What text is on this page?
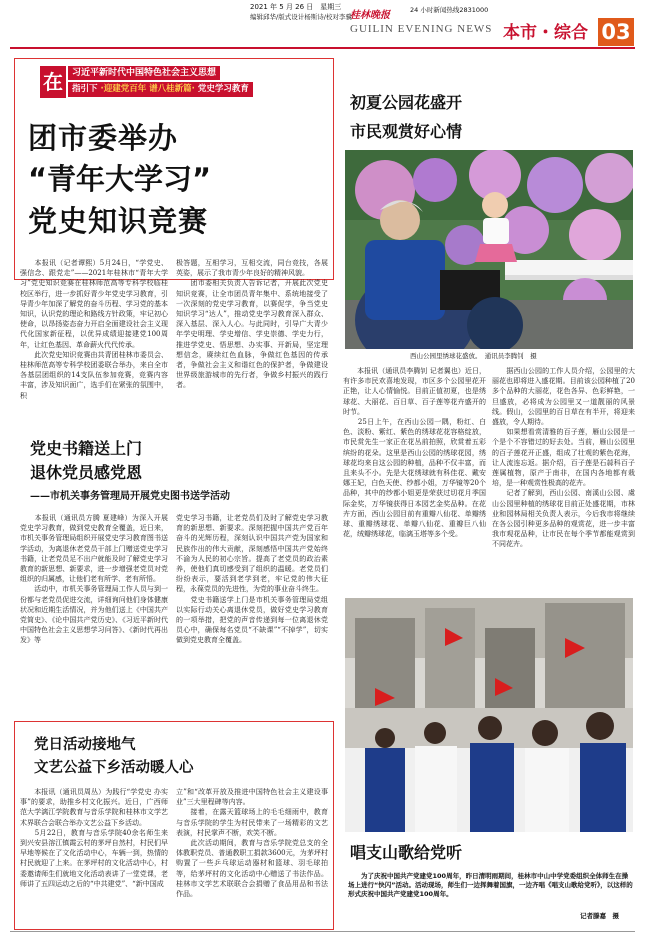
2021 年 5 月 26 日　星期三
编辑邱华/版式设计杨斯诗/校对李骥
桂林晚报
GUILIN EVENING NEWS
24 小时新闻热线2831000
本市・综合 03
在	习近平新时代中国特色社会主义思想
指引下 ·迎建党百年 谱八桂新篇· 党史学习教育
团市委举办
“青年大学习”
党史知识竞赛
　　本报讯（记者谭熙）5月24日，“学党史、强信念、跟党走”——2021年桂林市“青年大学习”党史知识竞赛在桂林师范高等专科学校临桂校区举行，进一步抓好青少年党史学习教育，引导青少年加深了解党的奋斗历程、学习党的基本知识，认识党的理论和路线方针政策，牢记初心使命，以昂扬姿态奋力开启全面建设社会主义现代化国家新征程，以优异成绩迎接建党100周年，让红色基因、革命薪火代代传承。
　　此次党史知识竞赛由共青团桂林市委员会、桂林师范高等专科学校团委联合举办，来自全市各基层团组织的14支队伍参加竞赛，竞赛内容丰富，涉及知识面广，选手们在紧张的氛围中，积
极答题，互相学习，互相交流，同台竞技，各展英姿，展示了我市青少年良好的精神风貌。
　　团市委相关负责人告诉记者，开展此次党史知识竞赛，让全市团员青年集中、系统地接受了一次深刻的党史学习教育，以赛促学，争当党史知识学习“达人”，推动党史学习教育深入群众、深入基层、深入人心。与此同时，引导广大青少年学史明理、学史增信、学史崇德、学史力行，推进学党史、悟思想、办实事、开新局，坚定理想信念，赓续红色血脉，争做红色基因的传承者，争做社会主义和谐红色的保护者，争做建设世界级旅游城市的先行者，争做乡村振兴的践行者。
党史书籍送上门
退休党员感党恩
——市机关事务管理局开展党史图书送学活动
　　本报讯（通讯员方腾 夏建峰）为深入开展党史学习教育，做到党史教育全覆盖，近日来，市机关事务管理局组织开展党史学习教育图书送学活动，为离退休老党员干部上门赠送党史学习书籍，让老党员足不出户就能及时了解党史学习教育的新思想、新要求，进一步增强老党员对党组织的归属感，让他们老有所学、老有所悟。
　　活动中，市机关事务管理局工作人员与到一份都与老党员促进交流，详细询问他们身体健康状况和近期生活情况，并为他们送上《中国共产党简史》、《论中国共产党历史》、《习近平新时代中国特色社会主义思想学习问答》、《新时代再出发》等
党史学习书籍，让老党员们及时了解党史学习教育的新思想、新要求。深刻把握中国共产党百年奋斗的光辉历程，深刻认识中国共产党为国家和民族作出的伟大贡献，深刻感悟中国共产党始终不渝为人民的初心宗旨。提高了老党员的政治素养，使他们真切感受到了组织的温暖。老党员们纷纷表示，要活到老学到老，牢记党的伟大征程，永葆党员的先进性，为党的事业奋斗终生。
　　党史书籍送学上门是市机关事务管理局党组以实际行动关心离退休党员，做好党史学习教育的一项举措，把党的声音传递到每一位离退休党员心中，确保每名党员“不缺课”“不掉学”，切实做到党史教育全覆盖。
党日活动接地气
文艺公益下乡活动暖人心
　　本报讯（通讯员周丛）为践行“学党史 办实事”的要求，助推乡村文化振兴。近日，广西师范大学漓江学院教育与音乐学院和桂林市文学艺术界联合会联合举办文艺公益下乡活动。
　　5月22日，教育与音乐学院40余名师生来到兴安县溶江镇霞云村的茅坪自然村，村民们早早地等候在了文化活动中心，车辆一到，热情的村民就迎了上来。在茅坪村的文化活动中心，村委邀请师生们就地文化活动表讲了一堂党课，老师讲了五四运动之后的“中共建党”、“新中国成
立”和“改革开放及推进中国特色社会主义建设事业”三大里程碑等内容。
　　接着，在露天篮球场上的毛毛细雨中，教育与音乐学院的学生为村民带来了一场精彩的文艺表演，村民掌声不断，欢笑不断。
　　此次活动期间，教育与音乐学院党总支的全体教职党员、普通教职工捐款3600元，为茅坪村购置了一些乒乓球运动器材和篮球、羽毛球拍等，给茅坪村的文化活动中心赠送了书法作品。桂林市文学艺术联联合会捐赠了食品用品和书法作品。
初夏公园花盛开
市民观赏好心情
西山公园里绣球花盛放。　通讯员李腾钊　摄
　　本报讯（通讯员李腾钊 记者翼也）近日，有许多市民欢喜地发现，市区多个公园里花开正艳，让人心情愉悦。目前正值初夏，也是绣球花、大丽花、百日草、百子莲等花卉盛开的时节。
　　25日上午，在西山公园一隅，粉红、白色、淡粉、紫红、紫色的绣球花花容格绽放，市民赏先生一家正在花丛前拍照，欣赏着五彩缤纷的花朵。这里是西山公园的绣球花园，绣球花均来自这公园的种植，品种不仅丰富，而且来头不小。先是大花绣球就有科佳花、戴安娜王妃，白色天使、纱都小姐，万华镜等20个品种，其中的纱都小姐更是荣获过切花月季国际金奖，万华镜获得日本园艺金奖品种。在花卉方面，西山公园目前有重瓣八仙花、单瓣绣球、重瓣绣球花、单瓣八仙花、重瓣巨八仙花，绒瓣绣球花，临漓玉塔等多个受。
　　据西山公园的工作人员介绍，公园里的大丽花也即将进入盛花期。目前该公园种植了20多个品种的大丽花，花色各异、色彩鲜艳，一旦盛放，必将成为公园里又一道靓丽的风景线。假山，公园里的百日草在有半开，将迎来盛放，令人期待。
　　如果想看赏清雅的百子莲，雁山公园是一个是个不容错过的好去处。当前，雁山公园里的百子莲花开正盛，组成了壮观的紫色花海，让人流连忘返。据介绍，百子莲是石蒜科百子莲属植物，原产于南非，在国内各地都有栽培，是一种观赏性极高的花卉。
　　记者了解到，西山公园、南溪山公园、虞山公园里种植的绣球花目前正处盛花期，市林业和园林局相关负责人表示，今后我市将继续在各公园引种更多品种的观赏花，进一步丰富我市观花品种，让市民在每个季节都能观赏到不同花卉。
唱支山歌给党听
　　为了庆祝中国共产党建党100周年，昨日清明雨期间，桂林市中山中学党委组织全体师生在操场上进行“快闪”活动。活动现场，师生们一边挥舞着国旗，一边齐唱《唱支山歌给党听》，以这样的形式庆祝中国共产党建党100周年。
记者滕嘉　摄
